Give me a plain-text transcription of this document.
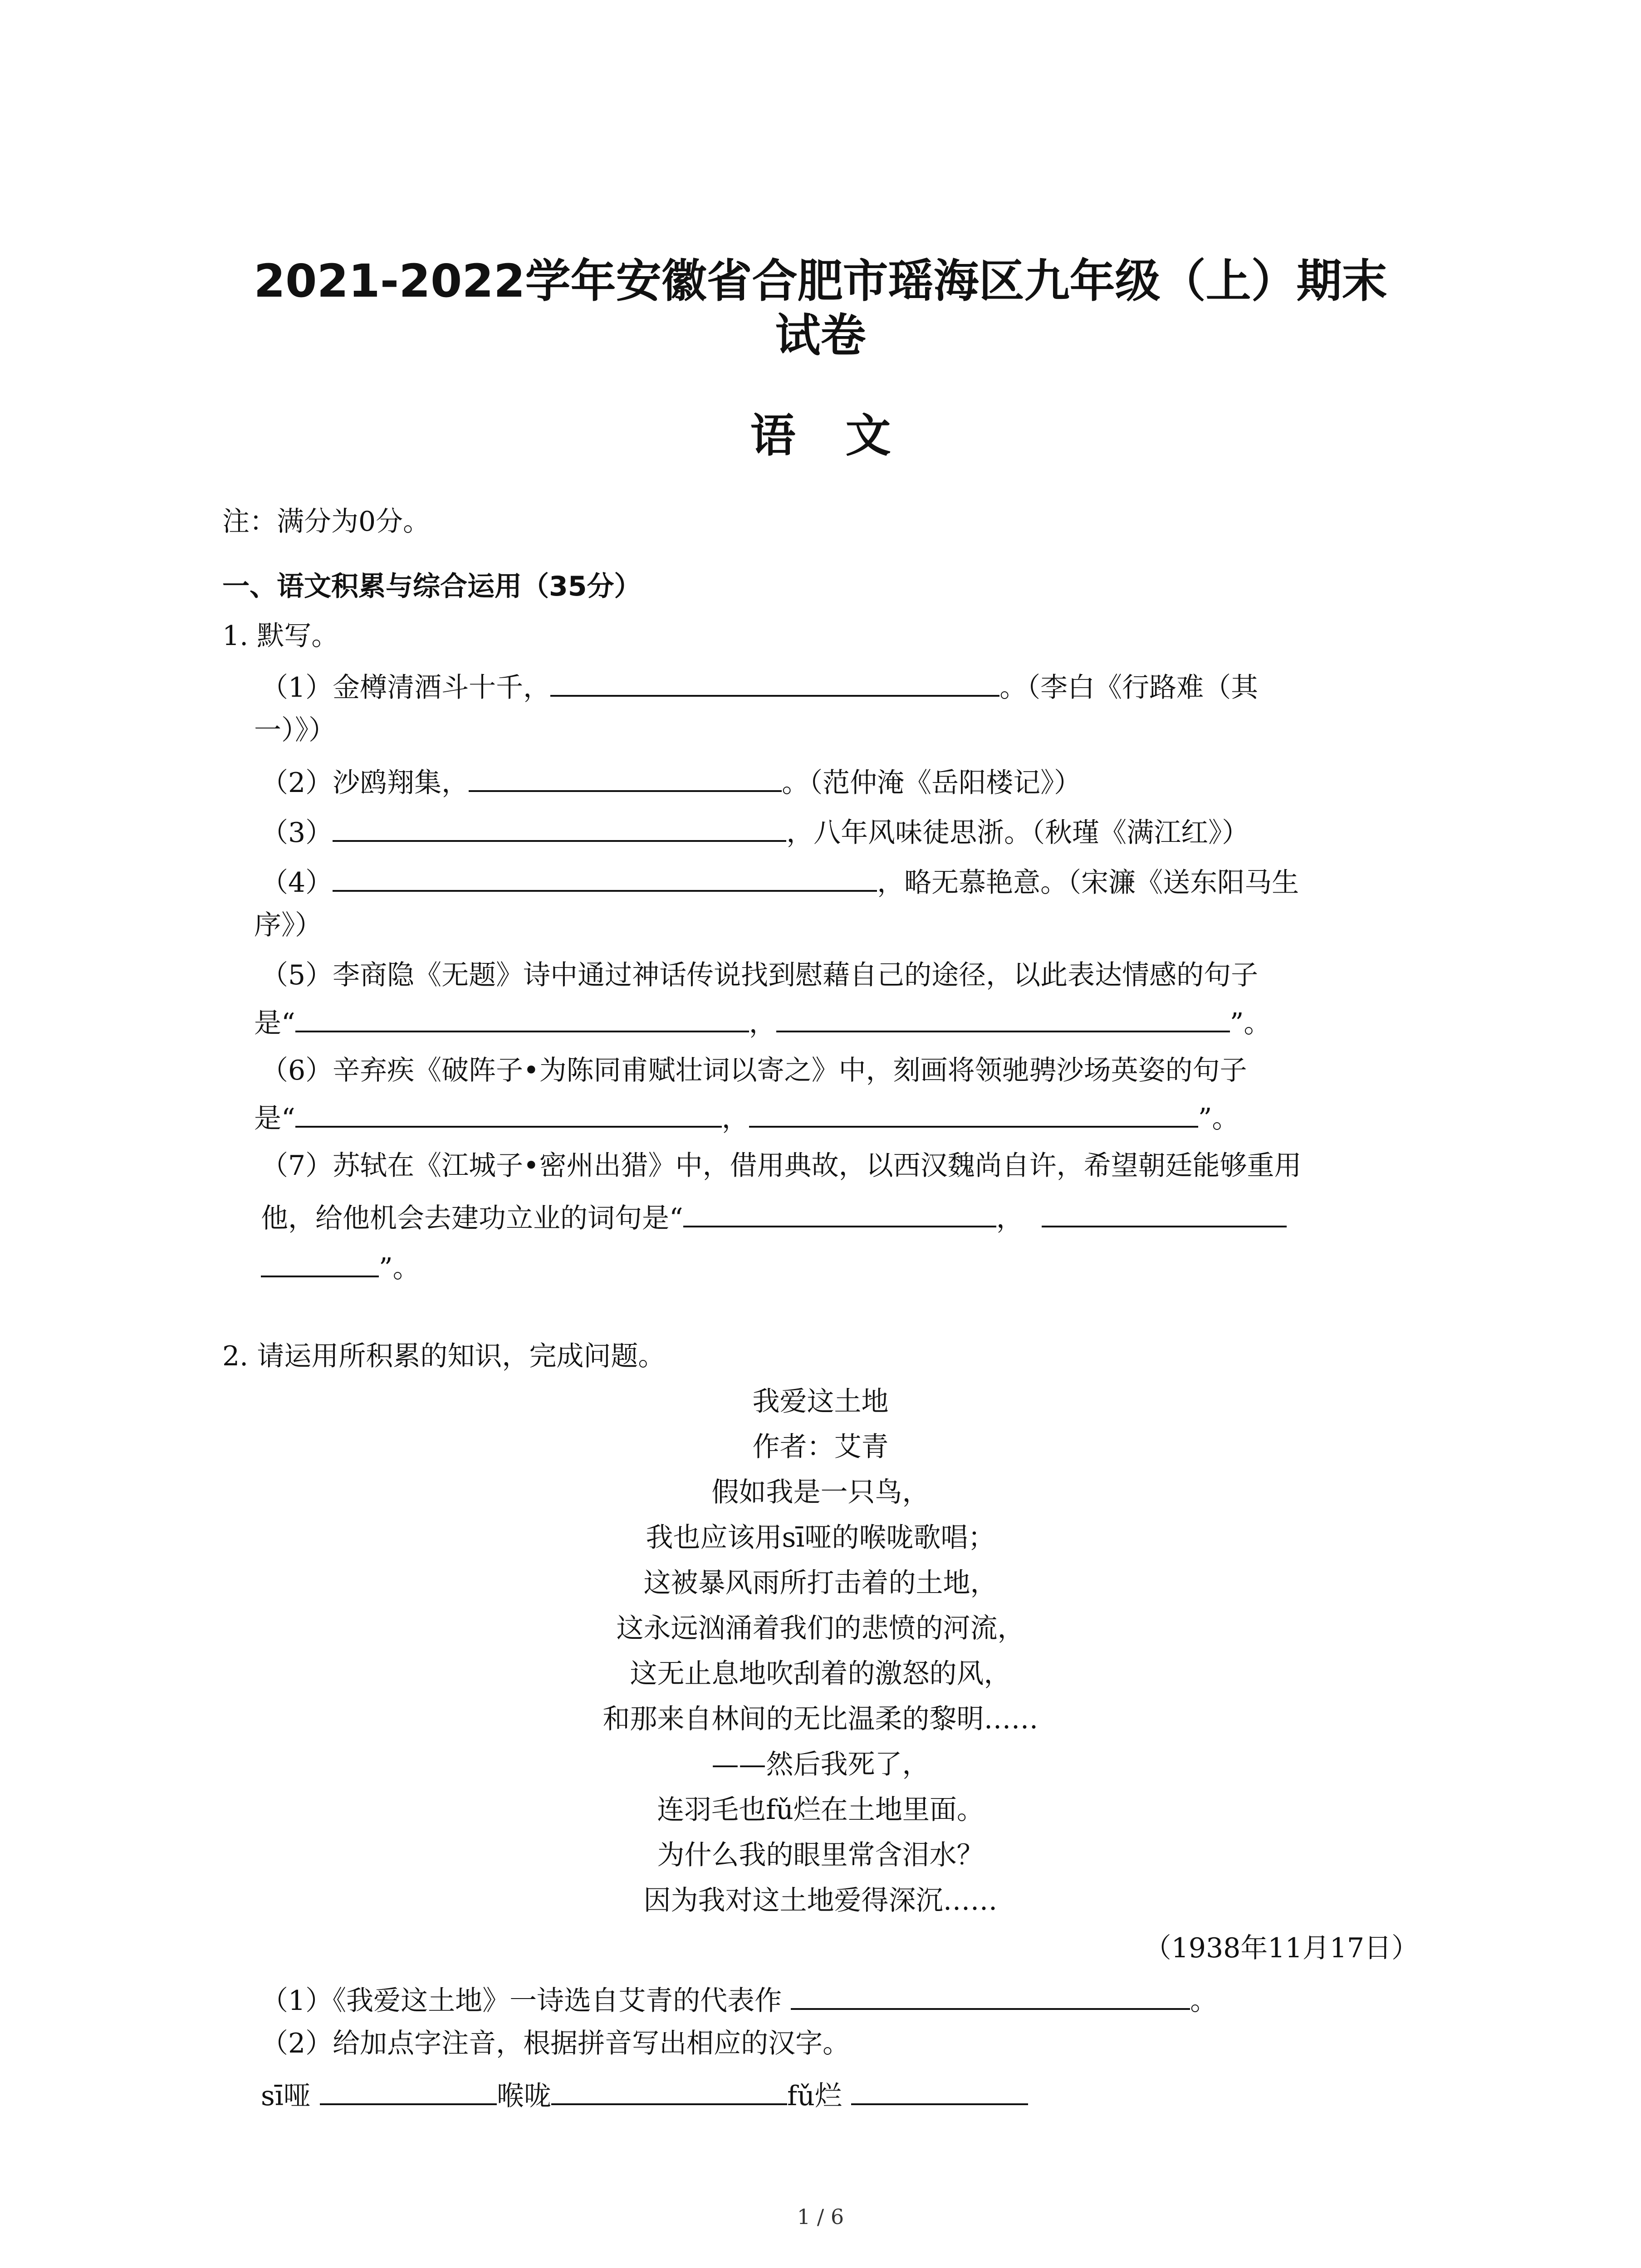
2021-2022学年安徽省合肥市瑶海区九年级（上）期末
试卷
语文
注：满分为0分。
一、语文积累与综合运用（35分）
1. 默写。
（1）金樽清酒斗十千，	。（李白《行路难（其
一）》）
（2）沙鸥翔集，	。（范仲淹《岳阳楼记》）
（3）	，八年风味徒思浙。（秋瑾《满江红》）
（4）	，略无慕艳意。（宋濂《送东阳马生
序》）
（5）李商隐《无题》诗中通过神话传说找到慰藉自己的途径，以此表达情感的句子
是“	，	”。
（6）辛弃疾《破阵子•为陈同甫赋壮词以寄之》中，刻画将领驰骋沙场英姿的句子
是“	，	”。
（7）苏轼在《江城子•密州出猎》中，借用典故，以西汉魏尚自许，希望朝廷能够重用
他，给他机会去建功立业的词句是“	，
”。
2. 请运用所积累的知识，完成问题。
我爱这土地
作者：艾青
假如我是一只鸟，
我也应该用sī哑的喉咙歌唱；
这被暴风雨所打击着的土地，
这永远汹涌着我们的悲愤的河流，
这无止息地吹刮着的激怒的风，
和那来自林间的无比温柔的黎明……
——然后我死了，
连羽毛也fǔ烂在土地里面。
为什么我的眼里常含泪水？
因为我对这土地爱得深沉……
（1938年11月17日）
（1）《我爱这土地》一诗选自艾青的代表作	。
（2）给加点字注音，根据拼音写出相应的汉字。
sī哑	喉咙	fǔ烂
1 / 6
